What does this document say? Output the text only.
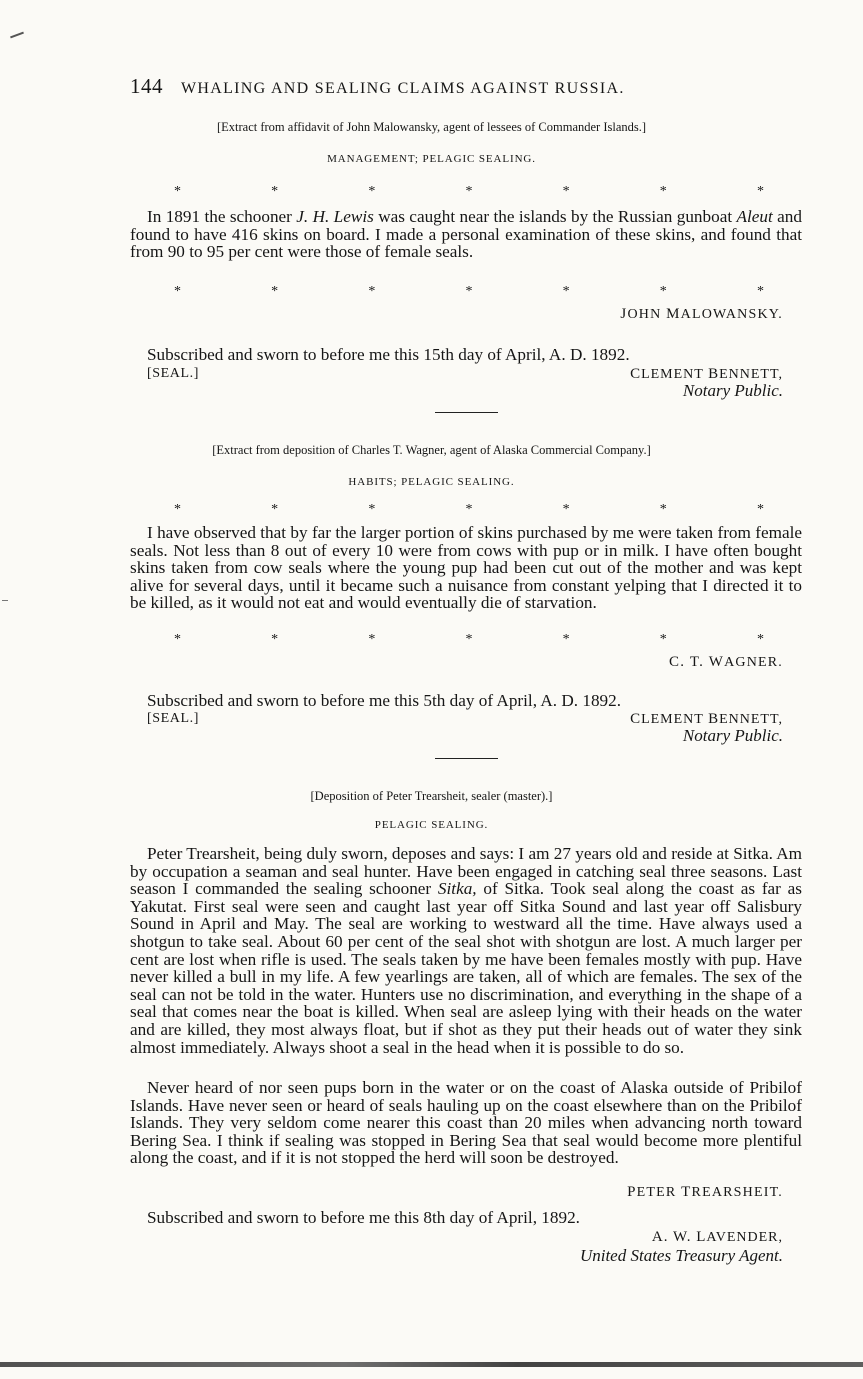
144 WHALING AND SEALING CLAIMS AGAINST RUSSIA.
[Extract from affidavit of John Malowansky, agent of lessees of Commander Islands.]
MANAGEMENT; PELAGIC SEALING.
*	*	*	*	*	*	*
In 1891 the schooner J. H. Lewis was caught near the islands by the Russian gunboat Aleut and found to have 416 skins on board. I made a personal examination of these skins, and found that from 90 to 95 per cent were those of female seals.
*	*	*	*	*	*	*
JOHN MALOWANSKY.
Subscribed and sworn to before me this 15th day of April, A. D. 1892.
[SEAL.]	CLEMENT BENNETT,
Notary Public.
[Extract from deposition of Charles T. Wagner, agent of Alaska Commercial Company.]
HABITS; PELAGIC SEALING.
*	*	*	*	*	*	*
I have observed that by far the larger portion of skins purchased by me were taken from female seals. Not less than 8 out of every 10 were from cows with pup or in milk. I have often bought skins taken from cow seals where the young pup had been cut out of the mother and was kept alive for several days, until it became such a nuisance from constant yelping that I directed it to be killed, as it would not eat and would eventually die of starvation.
*	*	*	*	*	*	*
C. T. WAGNER.
Subscribed and sworn to before me this 5th day of April, A. D. 1892.
[SEAL.]	CLEMENT BENNETT,
Notary Public.
[Deposition of Peter Trearsheit, sealer (master).]
PELAGIC SEALING.
Peter Trearsheit, being duly sworn, deposes and says: I am 27 years old and reside at Sitka. Am by occupation a seaman and seal hunter. Have been engaged in catching seal three seasons. Last season I commanded the sealing schooner Sitka, of Sitka. Took seal along the coast as far as Yakutat. First seal were seen and caught last year off Sitka Sound and last year off Salisbury Sound in April and May. The seal are working to westward all the time. Have always used a shotgun to take seal. About 60 per cent of the seal shot with shotgun are lost. A much larger per cent are lost when rifle is used. The seals taken by me have been females mostly with pup. Have never killed a bull in my life. A few yearlings are taken, all of which are females. The sex of the seal can not be told in the water. Hunters use no discrimination, and everything in the shape of a seal that comes near the boat is killed. When seal are asleep lying with their heads on the water and are killed, they most always float, but if shot as they put their heads out of water they sink almost immediately. Always shoot a seal in the head when it is possible to do so.
Never heard of nor seen pups born in the water or on the coast of Alaska outside of Pribilof Islands. Have never seen or heard of seals hauling up on the coast elsewhere than on the Pribilof Islands. They very seldom come nearer this coast than 20 miles when advancing north toward Bering Sea. I think if sealing was stopped in Bering Sea that seal would become more plentiful along the coast, and if it is not stopped the herd will soon be destroyed.
PETER TREARSHEIT.
Subscribed and sworn to before me this 8th day of April, 1892.
A. W. LAVENDER,
United States Treasury Agent.
